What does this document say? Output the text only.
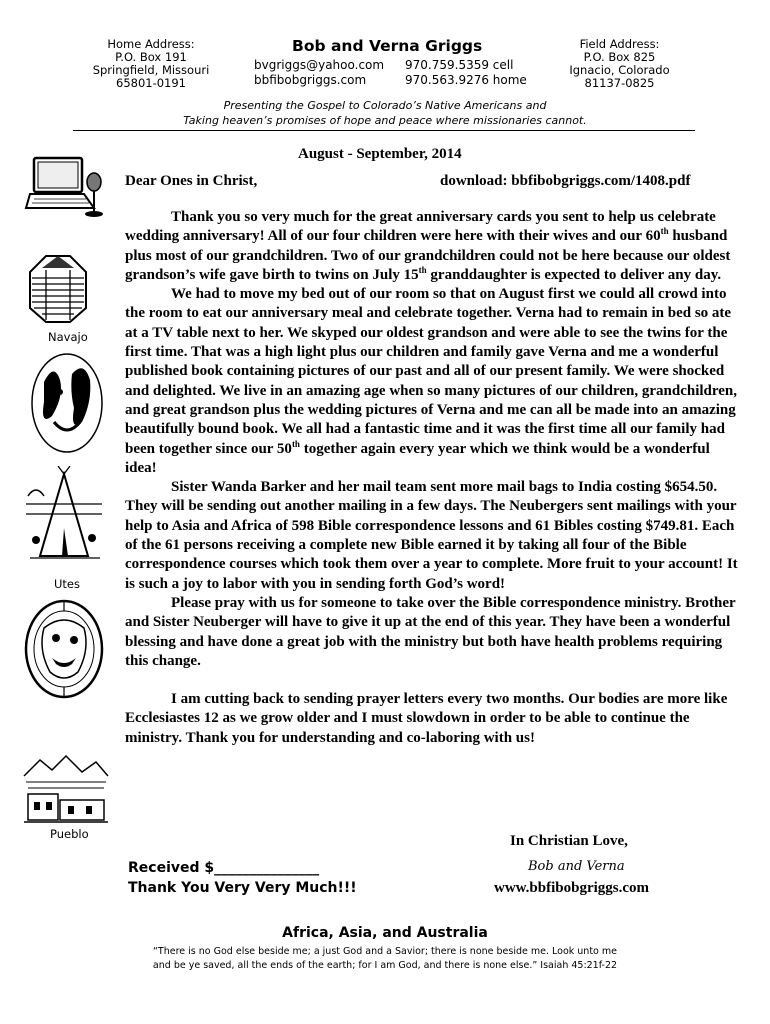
Home Address:
P.O. Box 191
Springfield, Missouri
65801-0191
Bob and Verna Griggs
bvgriggs@yahoo.com
bbfibobgriggs.com
970.759.5359 cell
970.563.9276 home
Field Address:
P.O. Box 825
Ignacio, Colorado
81137-0825
Presenting the Gospel to Colorado’s Native Americans and
Taking heaven’s promises of hope and peace where missionaries cannot.
Navajo
Utes
Pueblo
August - September, 2014
Dear Ones in Christ,	download: bbfibobgriggs.com/1408.pdf

Thank you so very much for the great anniversary cards you sent to help us celebrate wedding anniversary! All of our four children were here with their wives and our 60th husband plus most of our grandchildren. Two of our grandchildren could not be here because our oldest grandson’s wife gave birth to twins on July 15th granddaughter is expected to deliver any day.

We had to move my bed out of our room so that on August first we could all crowd into the room to eat our anniversary meal and celebrate together. Verna had to remain in bed so ate at a TV table next to her. We skyped our oldest grandson and were able to see the twins for the first time. That was a high light plus our children and family gave Verna and me a wonderful published book containing pictures of our past and all of our present family. We were shocked and delighted. We live in an amazing age when so many pictures of our children, grandchildren, and great grandson plus the wedding pictures of Verna and me can all be made into an amazing beautifully bound book. We all had a fantastic time and it was the first time all our family had been together since our 50th together again every year which we think would be a wonderful idea!

Sister Wanda Barker and her mail team sent more mail bags to India costing $654.50. They will be sending out another mailing in a few days. The Neubergers sent mailings with your help to Asia and Africa of 598 Bible correspondence lessons and 61 Bibles costing $749.81. Each of the 61 persons receiving a complete new Bible earned it by taking all four of the Bible correspondence courses which took them over a year to complete. More fruit to your account! It is such a joy to labor with you in sending forth God’s word!

Please pray with us for someone to take over the Bible correspondence ministry. Brother and Sister Neuberger will have to give it up at the end of this year. They have been a wonderful blessing and have done a great job with the ministry but both have health problems requiring this change.

I am cutting back to sending prayer letters every two months. Our bodies are more like Ecclesiastes 12 as we grow older and I must slowdown in order to be able to continue the ministry. Thank you for understanding and co-laboring with us!

In Christian Love,
Bob and Verna
www.bbfibobgriggs.com
Received $_______________
Thank You Very Very Much!!!
Africa, Asia, and Australia
“There is no God else beside me; a just God and a Savior; there is none beside me. Look unto me
and be ye saved, all the ends of the earth; for I am God, and there is none else.” Isaiah 45:21f-22
